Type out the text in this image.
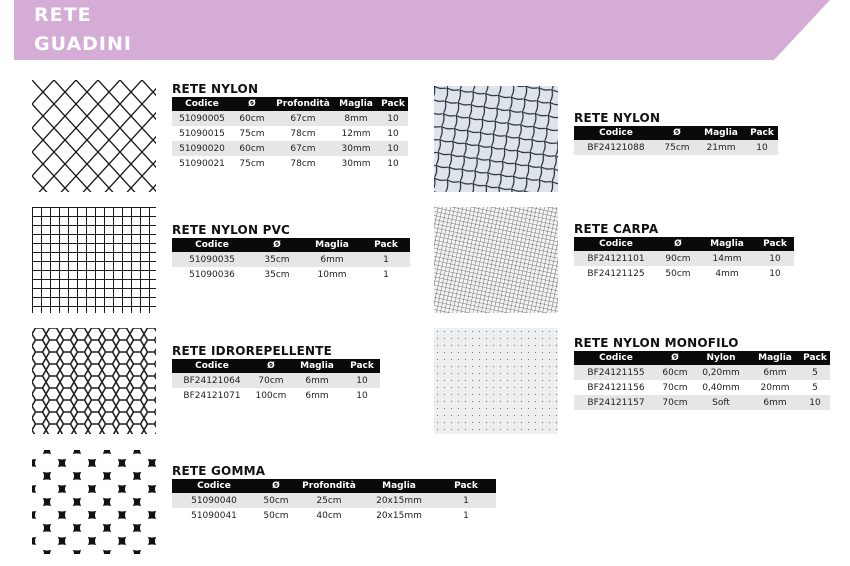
RETE
GUADINI
RETE NYLON
Codice	Ø	Profondità	Maglia	Pack
51090005	60cm	67cm	8mm	10
51090015	75cm	78cm	12mm	10
51090020	60cm	67cm	30mm	10
51090021	75cm	78cm	30mm	10
RETE NYLON PVC
Codice	Ø	Maglia	Pack
51090035	35cm	6mm	1
51090036	35cm	10mm	1
RETE IDROREPELLENTE
Codice	Ø	Maglia	Pack
BF24121064	70cm	6mm	10
BF24121071	100cm	6mm	10
RETE GOMMA
Codice	Ø	Profondità	Maglia	Pack
51090040	50cm	25cm	20x15mm	1
51090041	50cm	40cm	20x15mm	1
RETE NYLON
Codice	Ø	Maglia	Pack
BF24121088	75cm	21mm	10
RETE CARPA
Codice	Ø	Maglia	Pack
BF24121101	90cm	14mm	10
BF24121125	50cm	4mm	10
RETE NYLON MONOFILO
Codice	Ø	Nylon	Maglia	Pack
BF24121155	60cm	0,20mm	6mm	5
BF24121156	70cm	0,40mm	20mm	5
BF24121157	70cm	Soft	6mm	10
